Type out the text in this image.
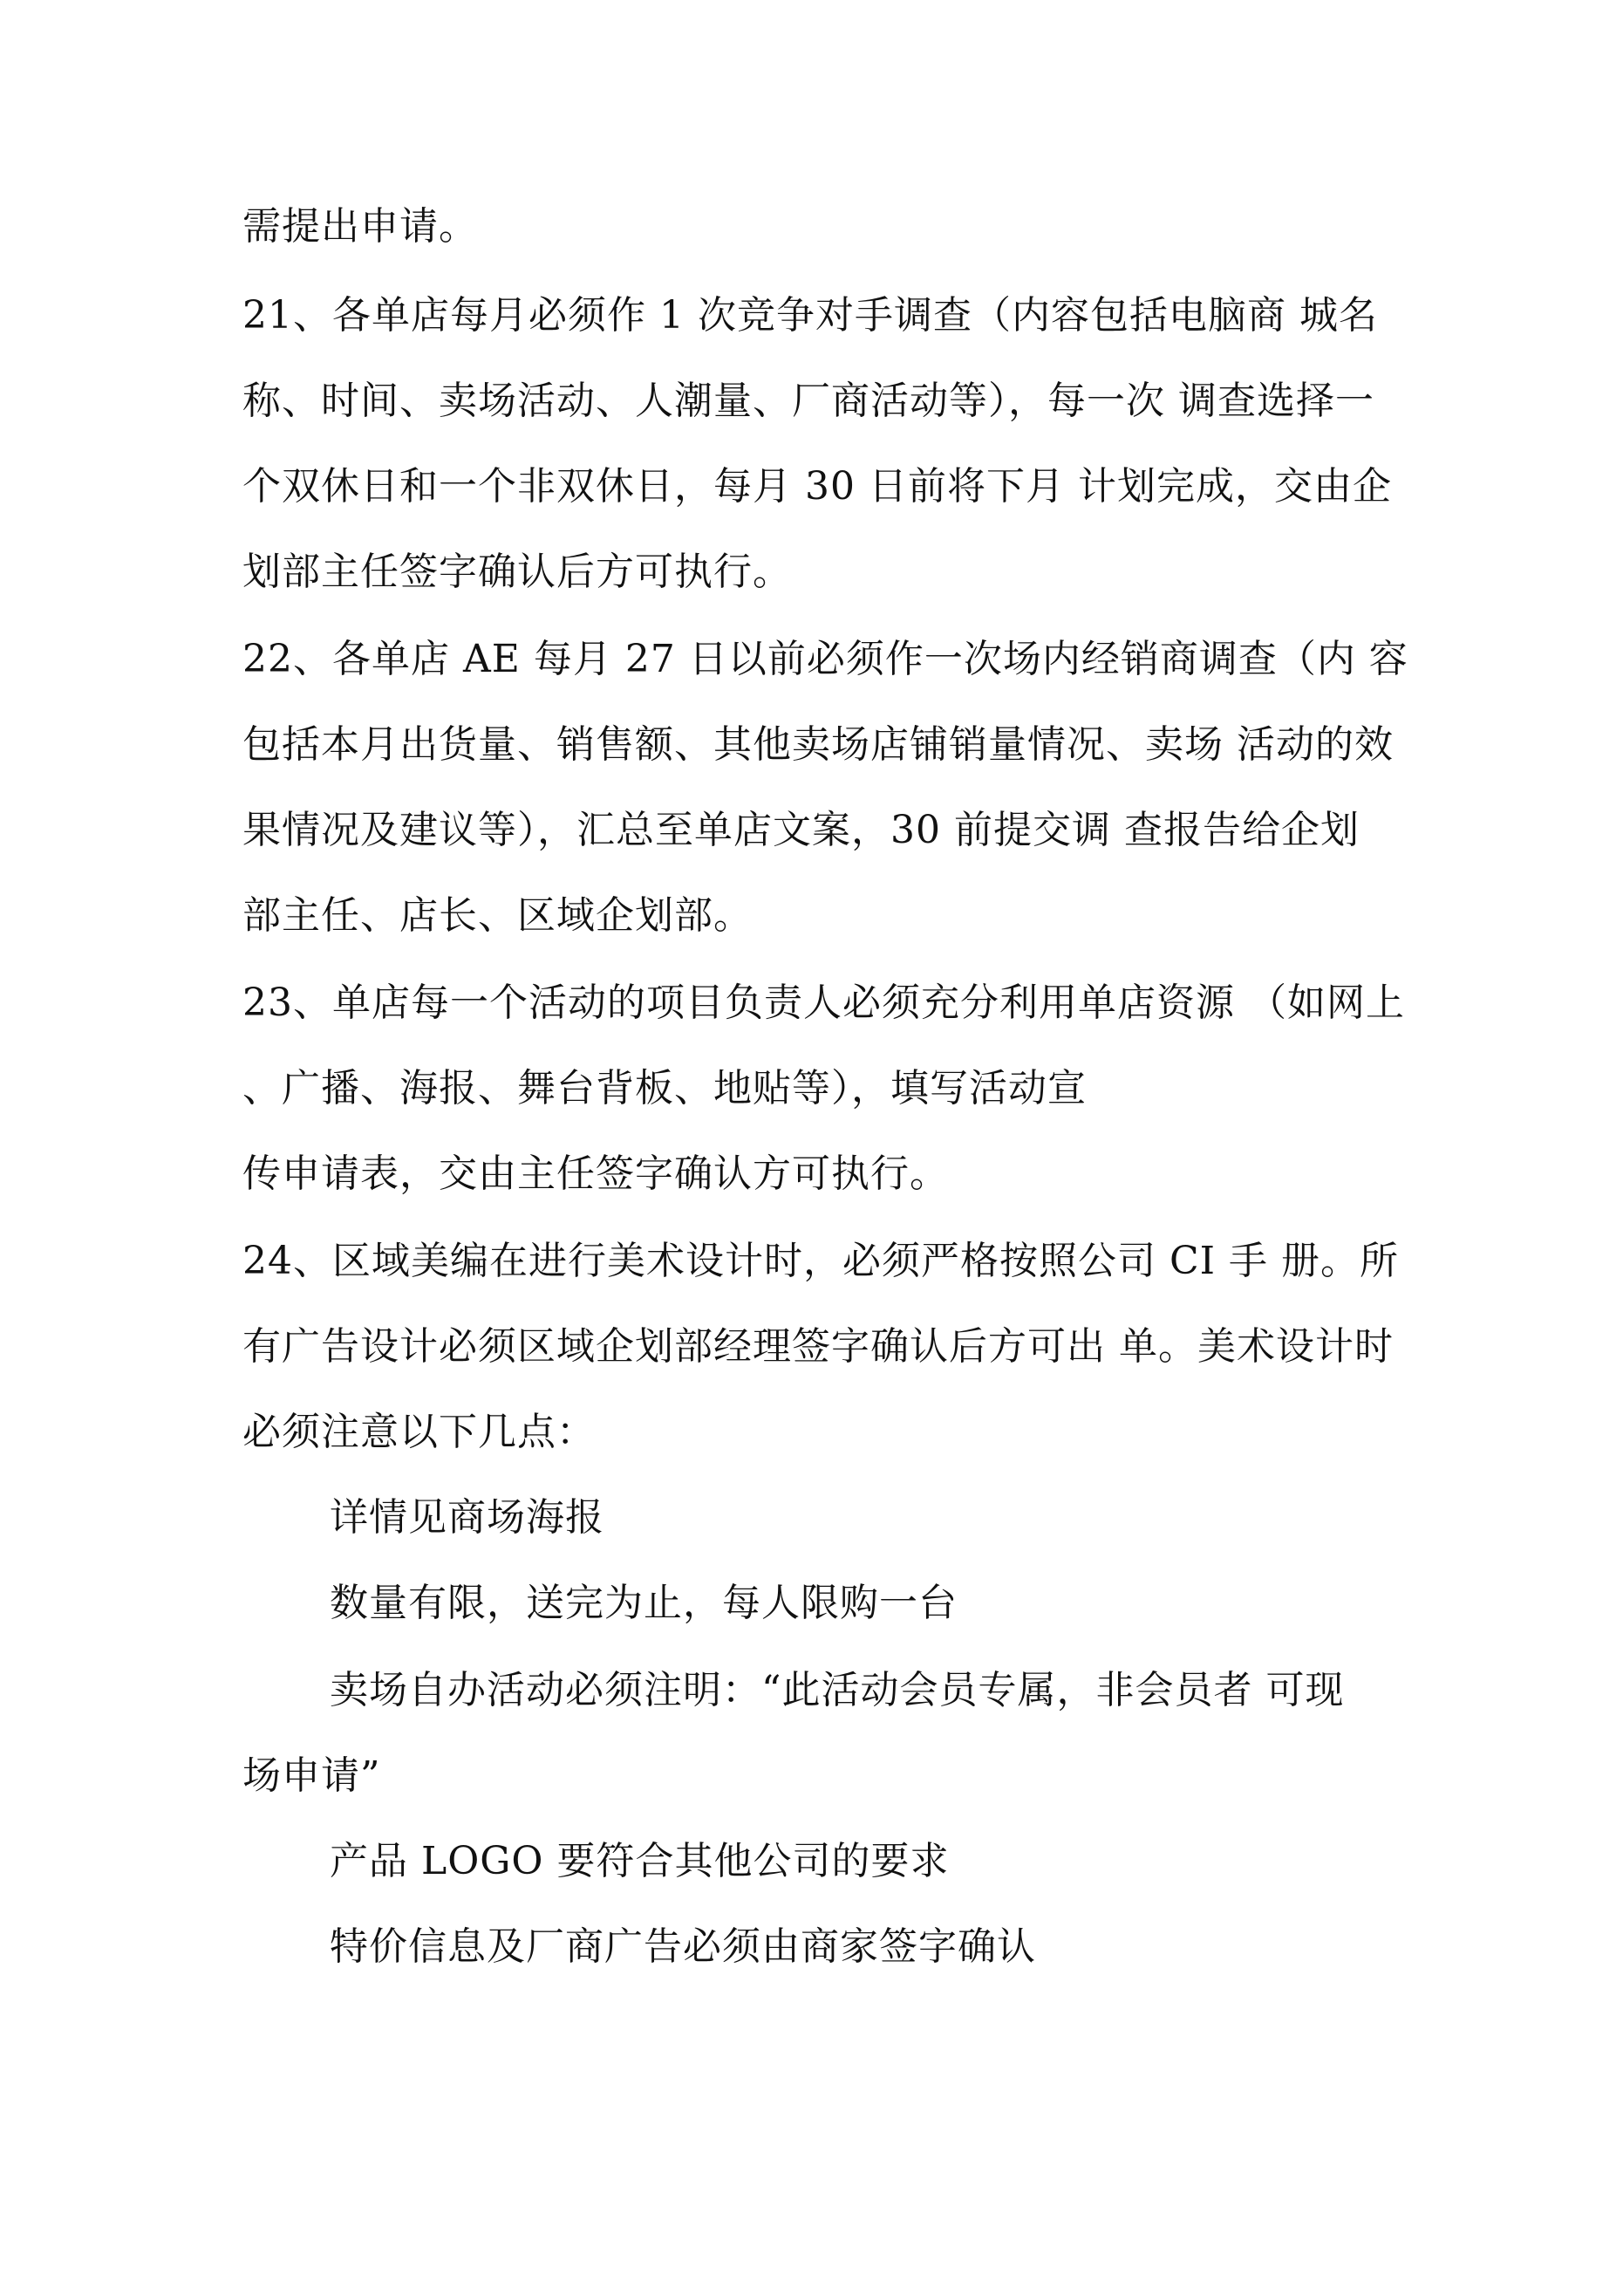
需提出申请。
21、各单店每月必须作 1 次竞争对手调查（内容包括电脑商 城名
称、时间、卖场活动、人潮量、厂商活动等），每一次 调查选择一
个双休日和一个非双休日，每月 30 日前将下月 计划完成，交由企
划部主任签字确认后方可执行。
22、各单店 AE 每月 27 日以前必须作一次场内经销商调查（内 容
包括本月出货量、销售额、其他卖场店铺销量情况、卖场 活动的效
果情况及建议等），汇总至单店文案，30 前提交调 查报告给企划
部主任、店长、区域企划部。
23、单店每一个活动的项目负责人必须充分利用单店资源 （如网上
、广播、海报、舞台背板、地贴等），填写活动宣
传申请表，交由主任签字确认方可执行。
24、区域美编在进行美术设计时，必须严格按照公司 CI 手 册。所
有广告设计必须区域企划部经理签字确认后方可出 单。美术设计时
必须注意以下几点：
详情见商场海报
数量有限，送完为止，每人限购一台
卖场自办活动必须注明：“此活动会员专属，非会员者 可现
场申请”
产品 LOGO 要符合其他公司的要求
特价信息及厂商广告必须由商家签字确认
